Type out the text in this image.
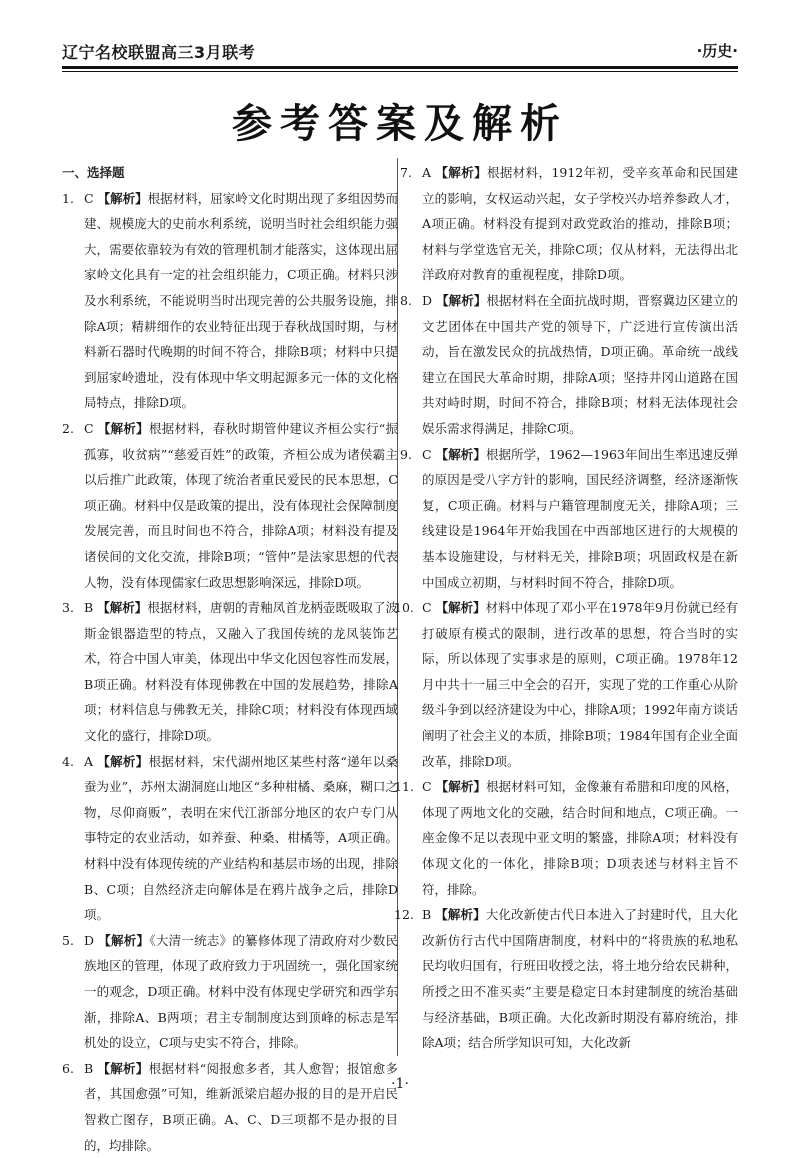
辽宁名校联盟高三3月联考	·历史·
参考答案及解析
一、选择题

1. C 【解析】根据材料，屈家岭文化时期出现了多组因势而建、规模庞大的史前水利系统，说明当时社会组织能力强大，需要依靠较为有效的管理机制才能落实，这体现出屈家岭文化具有一定的社会组织能力，C项正确。材料只涉及水利系统，不能说明当时出现完善的公共服务设施，排除A项；精耕细作的农业特征出现于春秋战国时期，与材料新石器时代晚期的时间不符合，排除B项；材料中只提到屈家岭遗址，没有体现中华文明起源多元一体的文化格局特点，排除D项。

2. C 【解析】根据材料，春秋时期管仲建议齐桓公实行“振孤寡，收贫病”“慈爱百姓”的政策，齐桓公成为诸侯霸主以后推广此政策，体现了统治者重民爱民的民本思想，C项正确。材料中仅是政策的提出，没有体现社会保障制度发展完善，而且时间也不符合，排除A项；材料没有提及诸侯间的文化交流，排除B项；“管仲”是法家思想的代表人物，没有体现儒家仁政思想影响深远，排除D项。

3. B 【解析】根据材料，唐朝的青釉凤首龙柄壶既吸取了波斯金银器造型的特点，又融入了我国传统的龙凤装饰艺术，符合中国人审美，体现出中华文化因包容性而发展，B项正确。材料没有体现佛教在中国的发展趋势，排除A项；材料信息与佛教无关，排除C项；材料没有体现西域文化的盛行，排除D项。

4. A 【解析】根据材料，宋代湖州地区某些村落“递年以桑蚕为业”，苏州太湖洞庭山地区“多种柑橘、桑麻，糊口之物，尽仰商贩”，表明在宋代江浙部分地区的农户专门从事特定的农业活动，如养蚕、种桑、柑橘等，A项正确。材料中没有体现传统的产业结构和基层市场的出现，排除B、C项；自然经济走向解体是在鸦片战争之后，排除D项。

5. D 【解析】《大清一统志》的纂修体现了清政府对少数民族地区的管理，体现了政府致力于巩固统一，强化国家统一的观念，D项正确。材料中没有体现史学研究和西学东渐，排除A、B两项；君主专制制度达到顶峰的标志是军机处的设立，C项与史实不符合，排除。

6. B 【解析】根据材料“阅报愈多者，其人愈智；报馆愈多者，其国愈强”可知，维新派梁启超办报的目的是开启民智救亡图存，B项正确。A、C、D三项都不是办报的目的，均排除。

7. A 【解析】根据材料，1912年初，受辛亥革命和民国建立的影响，女权运动兴起，女子学校兴办培养参政人才，A项正确。材料没有提到对政党政治的推动，排除B项；材料与学堂选官无关，排除C项；仅从材料，无法得出北洋政府对教育的重视程度，排除D项。

8. D 【解析】根据材料在全面抗战时期，晋察冀边区建立的文艺团体在中国共产党的领导下，广泛进行宣传演出活动，旨在激发民众的抗战热情，D项正确。革命统一战线建立在国民大革命时期，排除A项；坚持井冈山道路在国共对峙时期，时间不符合，排除B项；材料无法体现社会娱乐需求得满足，排除C项。

9. C 【解析】根据所学，1962—1963年间出生率迅速反弹的原因是受八字方针的影响，国民经济调整，经济逐渐恢复，C项正确。材料与户籍管理制度无关，排除A项；三线建设是1964年开始我国在中西部地区进行的大规模的基本设施建设，与材料无关，排除B项；巩固政权是在新中国成立初期，与材料时间不符合，排除D项。

10. C 【解析】材料中体现了邓小平在1978年9月份就已经有打破原有模式的限制，进行改革的思想，符合当时的实际，所以体现了实事求是的原则，C项正确。1978年12月中共十一届三中全会的召开，实现了党的工作重心从阶级斗争到以经济建设为中心，排除A项；1992年南方谈话阐明了社会主义的本质，排除B项；1984年国有企业全面改革，排除D项。

11. C 【解析】根据材料可知，金像兼有希腊和印度的风格，体现了两地文化的交融，结合时间和地点，C项正确。一座金像不足以表现中亚文明的繁盛，排除A项；材料没有体现文化的一体化，排除B项；D项表述与材料主旨不符，排除。

12. B 【解析】大化改新使古代日本进入了封建时代，且大化改新仿行古代中国隋唐制度，材料中的“将贵族的私地私民均收归国有，行班田收授之法，将土地分给农民耕种，所授之田不准买卖”主要是稳定日本封建制度的统治基础与经济基础，B项正确。大化改新时期没有幕府统治，排除A项；结合所学知识可知，大化改新

·1·
